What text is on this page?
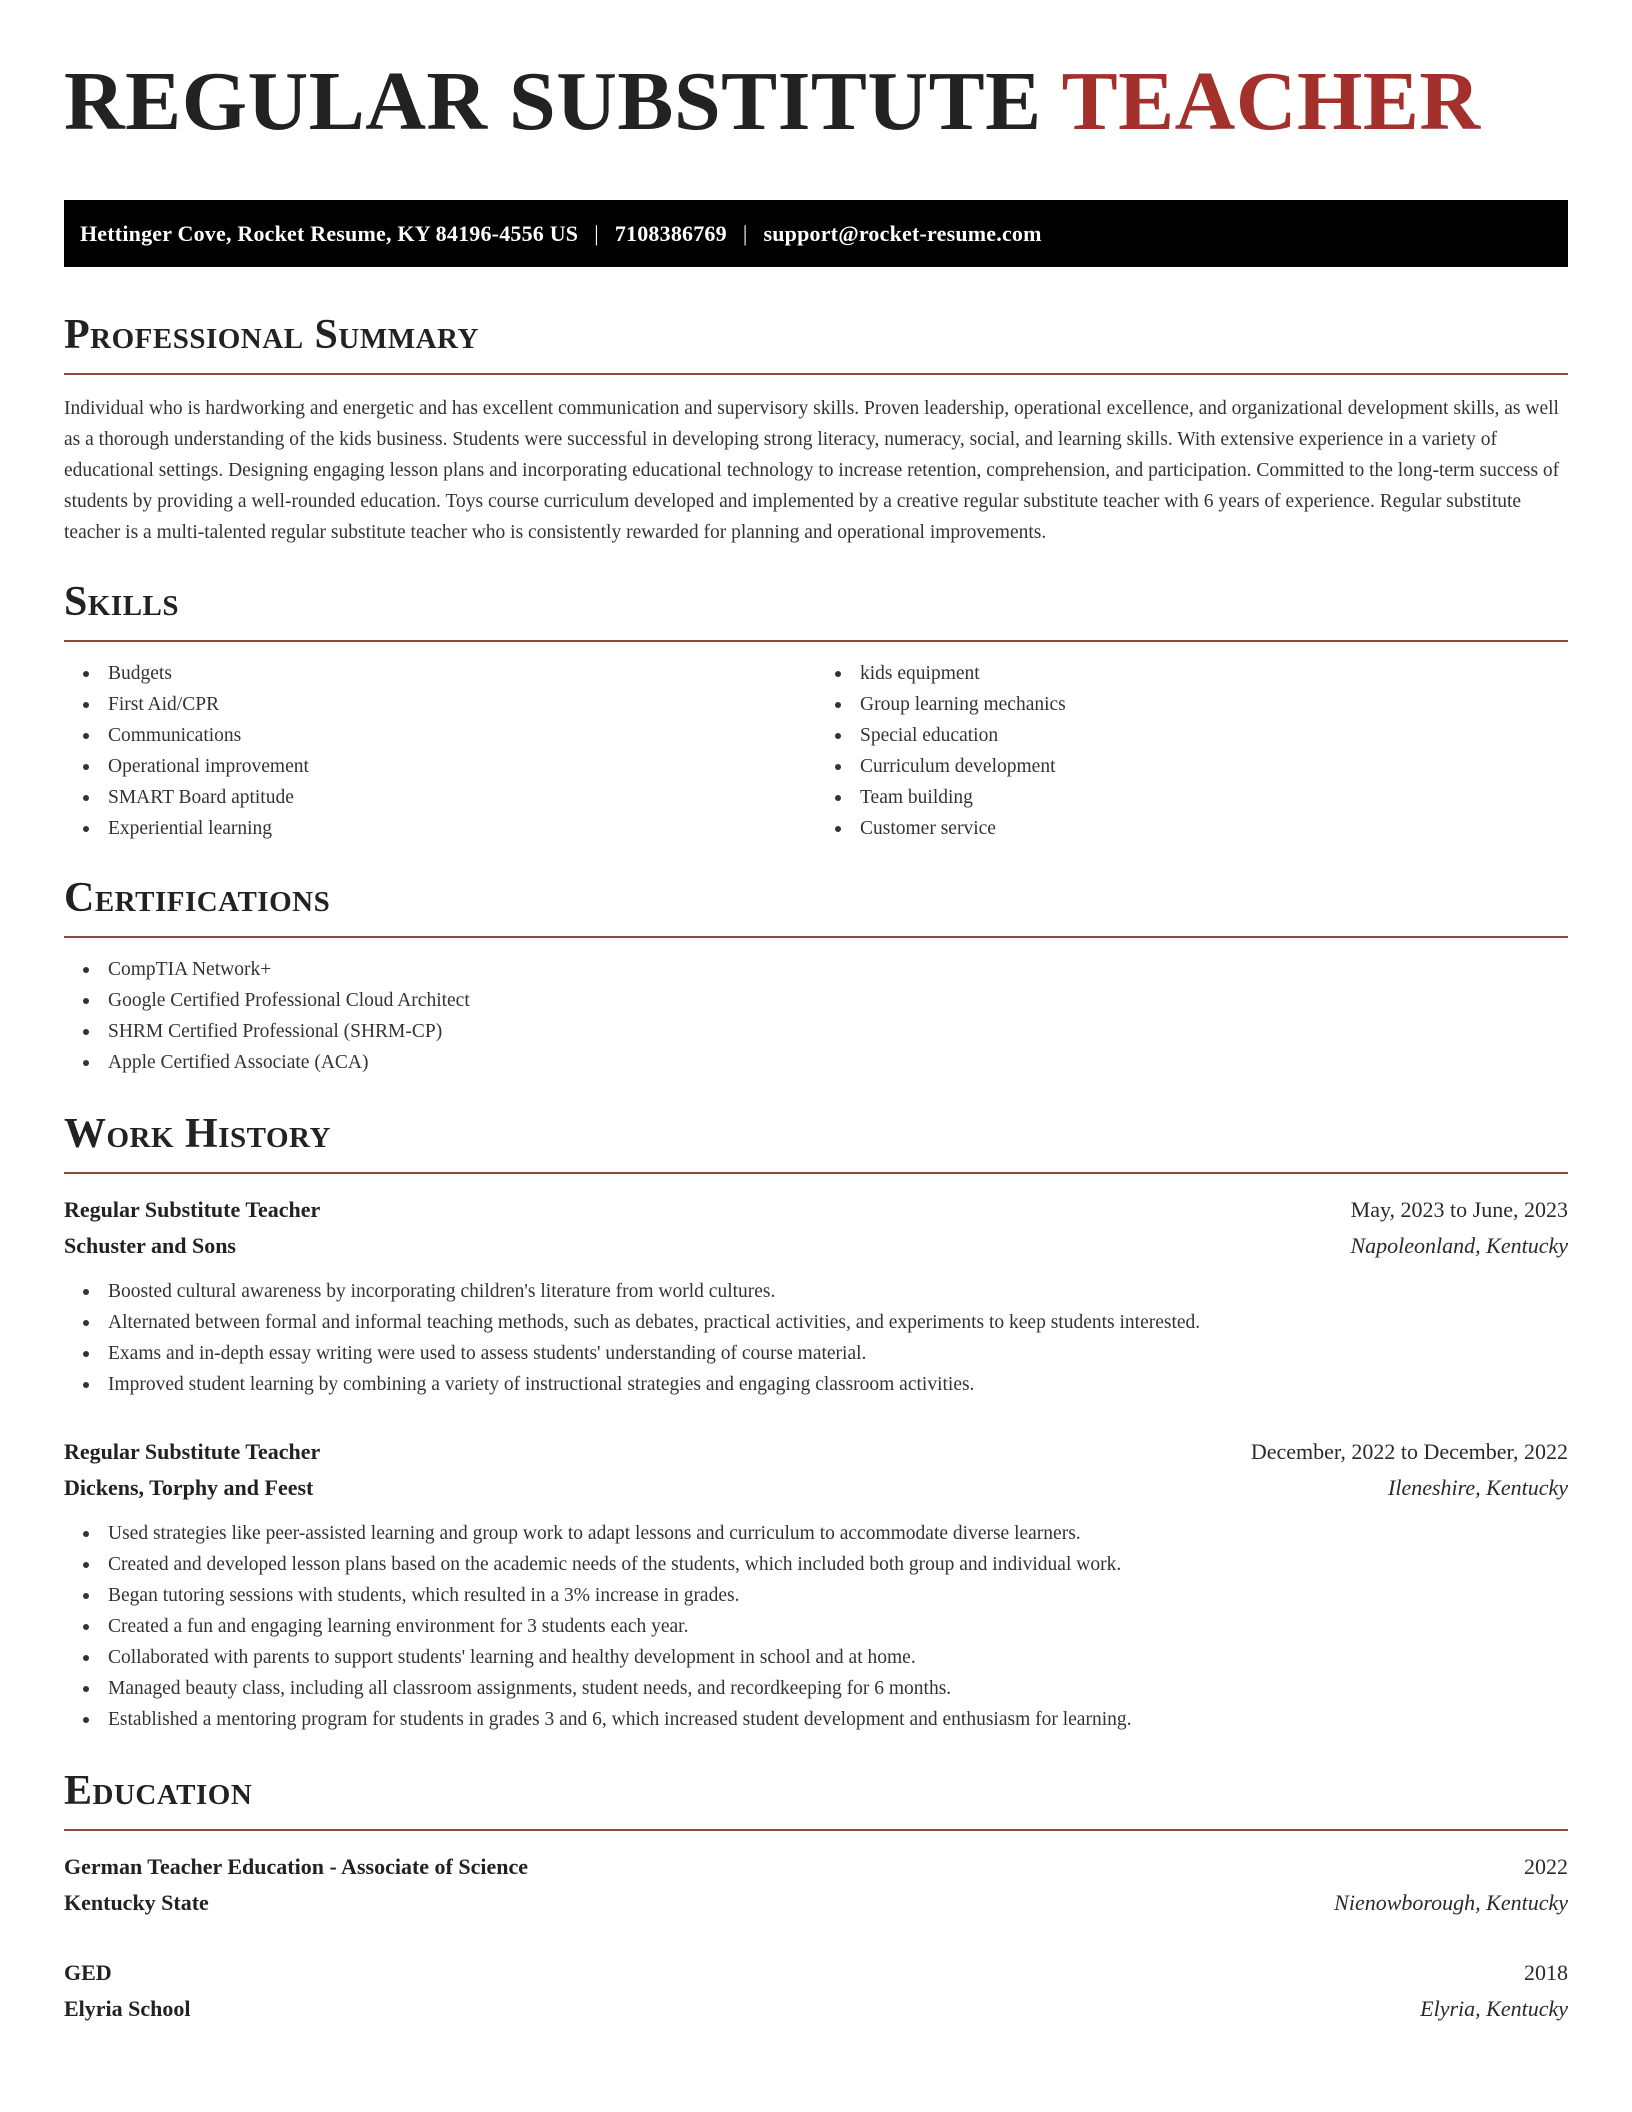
REGULAR SUBSTITUTE TEACHER
Hettinger Cove, Rocket Resume, KY 84196-4556 US | 7108386769 | support@rocket-resume.com
Professional Summary

Individual who is hardworking and energetic and has excellent communication and supervisory skills. Proven leadership, operational excellence, and organizational development skills, as well as a thorough understanding of the kids business. Students were successful in developing strong literacy, numeracy, social, and learning skills. With extensive experience in a variety of educational settings. Designing engaging lesson plans and incorporating educational technology to increase retention, comprehension, and participation. Committed to the long-term success of students by providing a well-rounded education. Toys course curriculum developed and implemented by a creative regular substitute teacher with 6 years of experience. Regular substitute teacher is a multi-talented regular substitute teacher who is consistently rewarded for planning and operational improvements.

Skills
Budgets
First Aid/CPR
Communications
Operational improvement
SMART Board aptitude
Experiential learning
kids equipment
Group learning mechanics
Special education
Curriculum development
Team building
Customer service
Certifications
CompTIA Network+
Google Certified Professional Cloud Architect
SHRM Certified Professional (SHRM-CP)
Apple Certified Associate (ACA)
Work History
Regular Substitute Teacher	May, 2023 to June, 2023
Schuster and Sons	Napoleonland, Kentucky
Boosted cultural awareness by incorporating children's literature from world cultures.
Alternated between formal and informal teaching methods, such as debates, practical activities, and experiments to keep students interested.
Exams and in-depth essay writing were used to assess students' understanding of course material.
Improved student learning by combining a variety of instructional strategies and engaging classroom activities.
Regular Substitute Teacher	December, 2022 to December, 2022
Dickens, Torphy and Feest	Ileneshire, Kentucky
Used strategies like peer-assisted learning and group work to adapt lessons and curriculum to accommodate diverse learners.
Created and developed lesson plans based on the academic needs of the students, which included both group and individual work.
Began tutoring sessions with students, which resulted in a 3% increase in grades.
Created a fun and engaging learning environment for 3 students each year.
Collaborated with parents to support students' learning and healthy development in school and at home.
Managed beauty class, including all classroom assignments, student needs, and recordkeeping for 6 months.
Established a mentoring program for students in grades 3 and 6, which increased student development and enthusiasm for learning.
Education
German Teacher Education - Associate of Science	2022
Kentucky State	Nienowborough, Kentucky
GED	2018
Elyria School	Elyria, Kentucky
